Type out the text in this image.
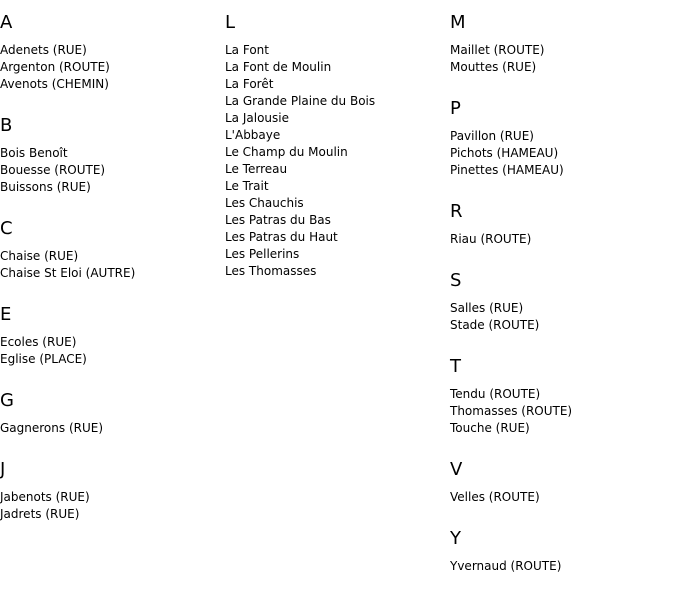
A
Adenets (RUE)
Argenton (ROUTE)
Avenots (CHEMIN)
B
Bois Benoît
Bouesse (ROUTE)
Buissons (RUE)
C
Chaise (RUE)
Chaise St Eloi (AUTRE)
E
Ecoles (RUE)
Eglise (PLACE)
G
Gagnerons (RUE)
J
Jabenots (RUE)
Jadrets (RUE)
L
La Font
La Font de Moulin
La Forêt
La Grande Plaine du Bois
La Jalousie
L'Abbaye
Le Champ du Moulin
Le Terreau
Le Trait
Les Chauchis
Les Patras du Bas
Les Patras du Haut
Les Pellerins
Les Thomasses
M
Maillet (ROUTE)
Mouttes (RUE)
P
Pavillon (RUE)
Pichots (HAMEAU)
Pinettes (HAMEAU)
R
Riau (ROUTE)
S
Salles (RUE)
Stade (ROUTE)
T
Tendu (ROUTE)
Thomasses (ROUTE)
Touche (RUE)
V
Velles (ROUTE)
Y
Yvernaud (ROUTE)
